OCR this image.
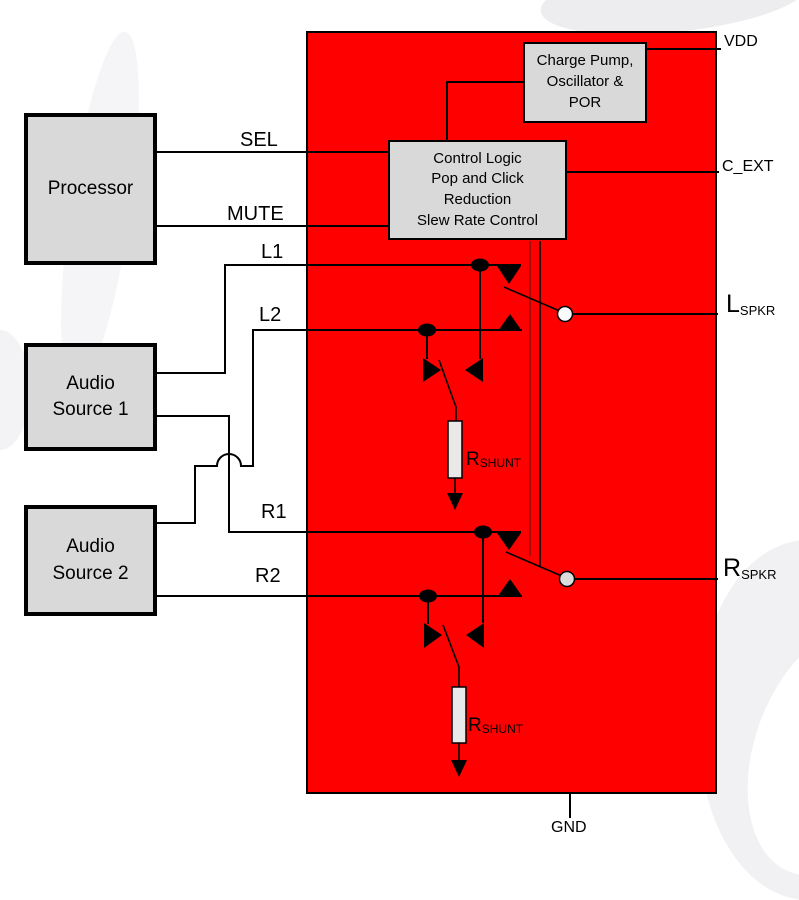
Processor
Audio
Source 1
Audio
Source 2
Charge Pump,
Oscillator &
POR
Control Logic
Pop and Click
Reduction
Slew Rate Control
SEL
MUTE
L1
L2
R1
R2
VDD
C_EXT
LSPKR
RSPKR
GND
RSHUNT
RSHUNT
